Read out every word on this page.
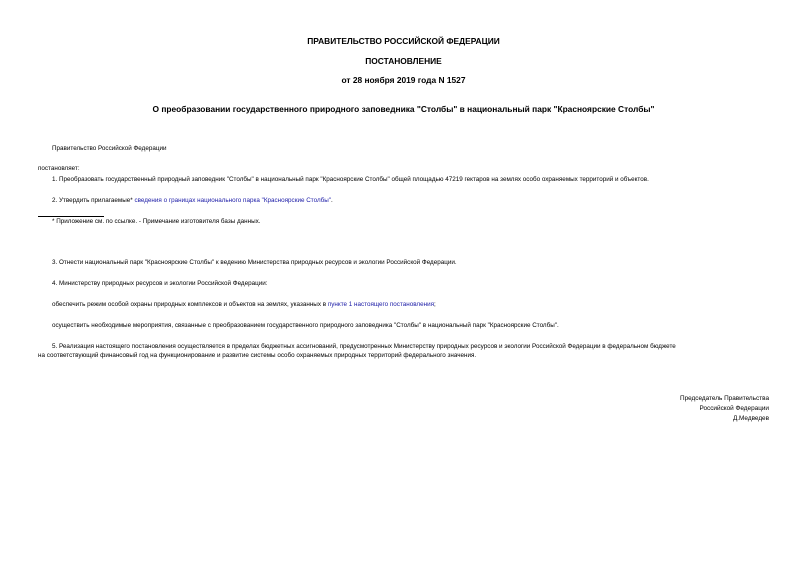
ПРАВИТЕЛЬСТВО РОССИЙСКОЙ ФЕДЕРАЦИИ
ПОСТАНОВЛЕНИЕ
от 28 ноября 2019 года N 1527
О преобразовании государственного природного заповедника "Столбы" в национальный парк "Красноярские Столбы"
Правительство Российской Федерации
постановляет:
1. Преобразовать государственный природный заповедник "Столбы" в национальный парк "Красноярские Столбы" общей площадью 47219 гектаров на землях особо охраняемых территорий и объектов.
2. Утвердить прилагаемые* сведения о границах национального парка "Красноярские Столбы".
* Приложение см. по ссылке. - Примечание изготовителя базы данных.
3. Отнести национальный парк "Красноярские Столбы" к ведению Министерства природных ресурсов и экологии Российской Федерации.
4. Министерству природных ресурсов и экологии Российской Федерации:
обеспечить режим особой охраны природных комплексов и объектов на землях, указанных в пункте 1 настоящего постановления;
осуществить необходимые мероприятия, связанные с преобразованием государственного природного заповедника "Столбы" в национальный парк "Красноярские Столбы".
5. Реализация настоящего постановления осуществляется в пределах бюджетных ассигнований, предусмотренных Министерству природных ресурсов и экологии Российской Федерации в федеральном бюджете
на соответствующий финансовый год на функционирование и развитие системы особо охраняемых природных территорий федерального значения.
Председатель Правительства
Российской Федерации
Д.Медведев
